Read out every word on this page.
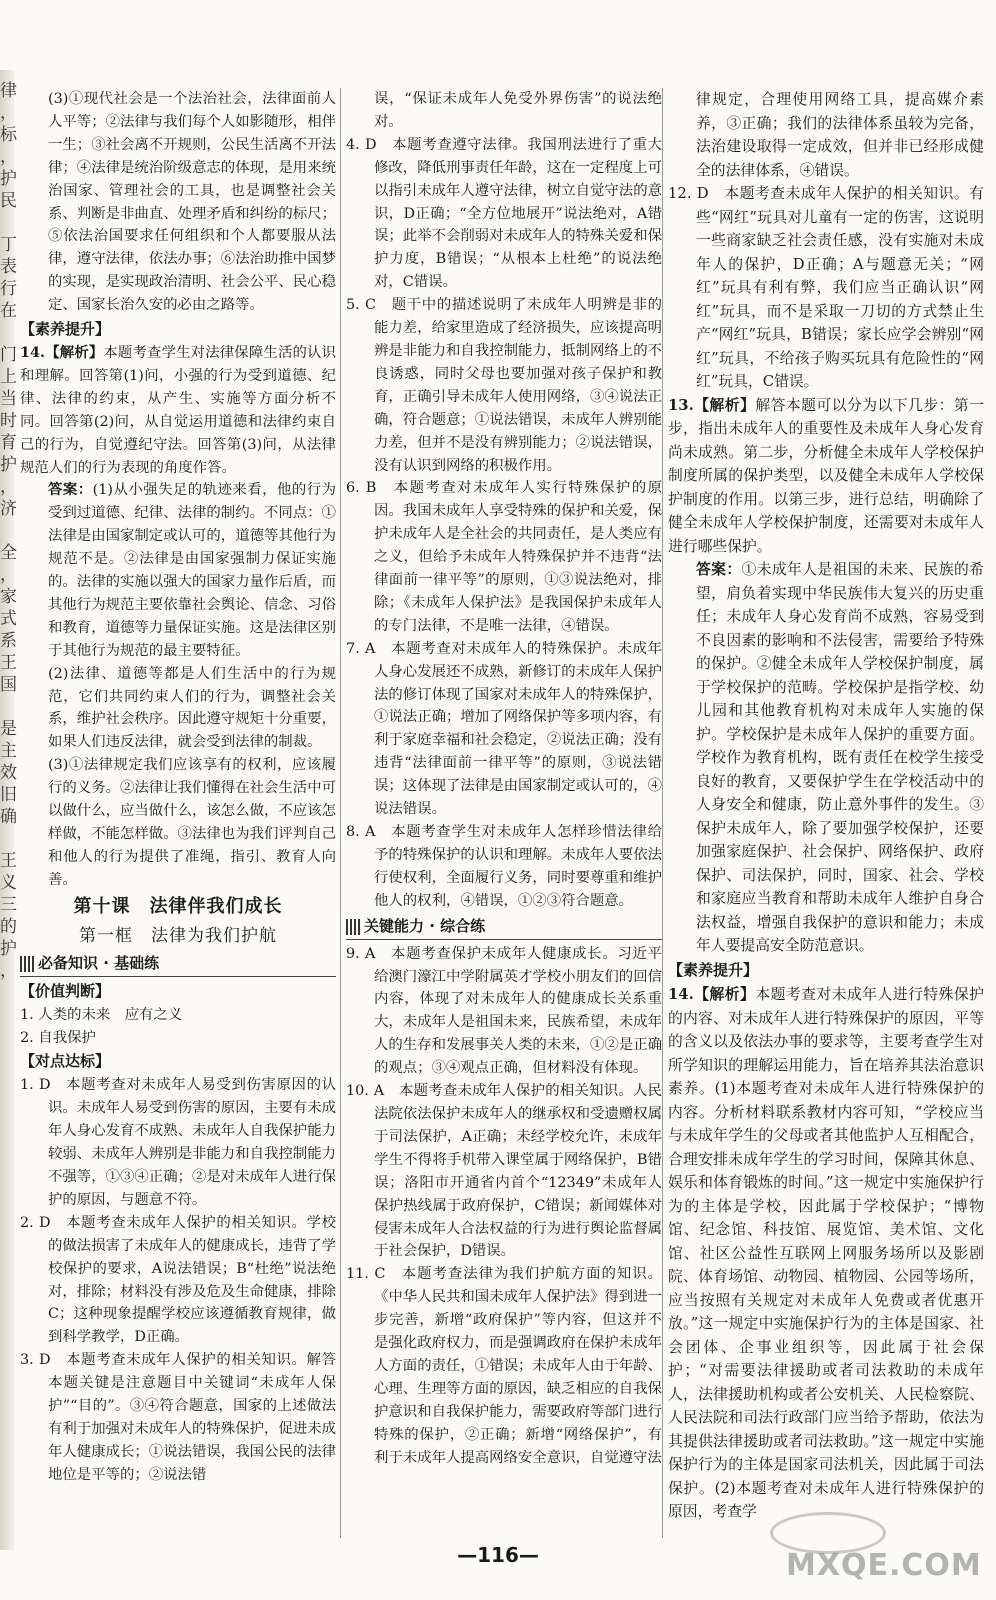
律
，
标
，
护
民

丁
表
行
在

门
上
当
时
育
护
，
济

全
，
家
式
系
王
国

是
主
效
旧
确

王
义
三
的
护
，

(3)①现代社会是一个法治社会，法律面前人人平等；②法律与我们每个人如影随形，相伴一生；③社会离不开规则，公民生活离不开法律；④法律是统治阶级意志的体现，是用来统治国家、管理社会的工具，也是调整社会关系、判断是非曲直、处理矛盾和纠纷的标尺；⑤依法治国要求任何组织和个人都要服从法律，遵守法律，依法办事；⑥法治助推中国梦的实现，是实现政治清明、社会公平、民心稳定、国家长治久安的必由之路等。

【素养提升】

14.【解析】本题考查学生对法律保障生活的认识和理解。回答第(1)问，小强的行为受到道德、纪律、法律的约束，从产生、实施等方面分析不同。回答第(2)问，从自觉运用道德和法律约束自己的行为，自觉遵纪守法。回答第(3)问，从法律规范人们的行为表现的角度作答。

答案：(1)从小强失足的轨迹来看，他的行为受到过道德、纪律、法律的制约。不同点：①法律是由国家制定或认可的，道德等其他行为规范不是。②法律是由国家强制力保证实施的。法律的实施以强大的国家力量作后盾，而其他行为规范主要依靠社会舆论、信念、习俗和教育，道德等力量保证实施。这是法律区别于其他行为规范的最主要特征。

(2)法律、道德等都是人们生活中的行为规范，它们共同约束人们的行为，调整社会关系，维护社会秩序。因此遵守规矩十分重要，如果人们违反法律，就会受到法律的制裁。

(3)①法律规定我们应该享有的权利，应该履行的义务。②法律让我们懂得在社会生活中可以做什么，应当做什么，该怎么做，不应该怎样做，不能怎样做。③法律也为我们评判自己和他人的行为提供了准绳，指引、教育人向善。

第十课　法律伴我们成长
第一框　法律为我们护航
必备知识 · 基础练
【价值判断】

1. 人类的未来　应有之义

2. 自我保护

【对点达标】

1. D　本题考查对未成年人易受到伤害原因的认识。未成年人易受到伤害的原因，主要有未成年人身心发育不成熟、未成年人自我保护能力较弱、未成年人辨别是非能力和自我控制能力不强等，①③④正确；②是对未成年人进行保护的原因，与题意不符。

2. D　本题考查未成年人保护的相关知识。学校的做法损害了未成年人的健康成长，违背了学校保护的要求，A说法错误；B“杜绝”说法绝对，排除；材料没有涉及危及生命健康，排除C；这种现象提醒学校应该遵循教育规律，做到科学教学，D正确。

3. D　本题考查未成年人保护的相关知识。解答本题关键是注意题目中关键词“未成年人保护”“目的”。③④符合题意，国家的上述做法有利于加强对未成年人的特殊保护，促进未成年人健康成长；①说法错误，我国公民的法律地位是平等的；②说法错

误，“保证未成年人免受外界伤害”的说法绝对。

4. D　本题考查遵守法律。我国刑法进行了重大修改，降低刑事责任年龄，这在一定程度上可以指引未成年人遵守法律，树立自觉守法的意识，D正确；“全方位地展开”说法绝对，A错误；此举不会削弱对未成年人的特殊关爱和保护力度，B错误；“从根本上杜绝”的说法绝对，C错误。

5. C　题干中的描述说明了未成年人明辨是非的能力差，给家里造成了经济损失，应该提高明辨是非能力和自我控制能力，抵制网络上的不良诱惑，同时父母也要加强对孩子保护和教育，正确引导未成年人使用网络，③④说法正确，符合题意；①说法错误，未成年人辨别能力差，但并不是没有辨别能力；②说法错误，没有认识到网络的积极作用。

6. B　本题考查对未成年人实行特殊保护的原因。我国未成年人享受特殊的保护和关爱，保护未成年人是全社会的共同责任，是人类应有之义，但给予未成年人特殊保护并不违背“法律面前一律平等”的原则，①③说法绝对，排除；《未成年人保护法》是我国保护未成年人的专门法律，不是唯一法律，④错误。

7. A　本题考查对未成年人的特殊保护。未成年人身心发展还不成熟，新修订的未成年人保护法的修订体现了国家对未成年人的特殊保护，①说法正确；增加了网络保护等多项内容，有利于家庭幸福和社会稳定，②说法正确；没有违背“法律面前一律平等”的原则，③说法错误；这体现了法律是由国家制定或认可的，④说法错误。

8. A　本题考查学生对未成年人怎样珍惜法律给予的特殊保护的认识和理解。未成年人要依法行使权利，全面履行义务，同时要尊重和维护他人的权利，④错误，①②③符合题意。

关键能力 · 综合练

9. A　本题考查保护未成年人健康成长。习近平给澳门濠江中学附属英才学校小朋友们的回信内容，体现了对未成年人的健康成长关系重大，未成年人是祖国未来，民族希望，未成年人的生存和发展事关人类的未来，①②是正确的观点；③④观点正确，但材料没有体现。

10. A　本题考查未成年人保护的相关知识。人民法院依法保护未成年人的继承权和受遗赠权属于司法保护，A正确；未经学校允许，未成年学生不得将手机带入课堂属于网络保护，B错误；洛阳市开通省内首个“12349”未成年人保护热线属于政府保护，C错误；新闻媒体对侵害未成年人合法权益的行为进行舆论监督属于社会保护，D错误。

11. C　本题考查法律为我们护航方面的知识。《中华人民共和国未成年人保护法》得到进一步完善，新增“政府保护”等内容，但这并不是强化政府权力，而是强调政府在保护未成年人方面的责任，①错误；未成年人由于年龄、心理、生理等方面的原因，缺乏相应的自我保护意识和自我保护能力，需要政府等部门进行特殊的保护，②正确；新增“网络保护”，有利于未成年人提高网络安全意识，自觉遵守法

律规定，合理使用网络工具，提高媒介素养，③正确；我们的法律体系虽较为完备，法治建设取得一定成效，但并非已经形成健全的法律体系，④错误。

12. D　本题考查未成年人保护的相关知识。有些“网红”玩具对儿童有一定的伤害，这说明一些商家缺乏社会责任感，没有实施对未成年人的保护，D正确；A与题意无关；“网红”玩具有利有弊，我们应当正确认识“网红”玩具，而不是采取一刀切的方式禁止生产“网红”玩具，B错误；家长应学会辨别“网红”玩具，不给孩子购买玩具有危险性的“网红”玩具，C错误。

13.【解析】解答本题可以分为以下几步：第一步，指出未成年人的重要性及未成年人身心发育尚未成熟。第二步，分析健全未成年人学校保护制度所属的保护类型，以及健全未成年人学校保护制度的作用。以第三步，进行总结，明确除了健全未成年人学校保护制度，还需要对未成年人进行哪些保护。

答案：①未成年人是祖国的未来、民族的希望，肩负着实现中华民族伟大复兴的历史重任；未成年人身心发育尚不成熟，容易受到不良因素的影响和不法侵害，需要给予特殊的保护。②健全未成年人学校保护制度，属于学校保护的范畴。学校保护是指学校、幼儿园和其他教育机构对未成年人实施的保护。学校保护是未成年人保护的重要方面。学校作为教育机构，既有责任在校学生接受良好的教育，又要保护学生在学校活动中的人身安全和健康，防止意外事件的发生。③保护未成年人，除了要加强学校保护，还要加强家庭保护、社会保护、网络保护、政府保护、司法保护，同时，国家、社会、学校和家庭应当教育和帮助未成年人维护自身合法权益，增强自我保护的意识和能力；未成年人要提高安全防范意识。

【素养提升】

14.【解析】本题考查对未成年人进行特殊保护的内容、对未成年人进行特殊保护的原因，平等的含义以及依法办事的要求等，主要考查学生对所学知识的理解运用能力，旨在培养其法治意识素养。(1)本题考查对未成年人进行特殊保护的内容。分析材料联系教材内容可知，“学校应当与未成年学生的父母或者其他监护人互相配合，合理安排未成年学生的学习时间，保障其休息、娱乐和体育锻炼的时间。”这一规定中实施保护行为的主体是学校，因此属于学校保护；“博物馆、纪念馆、科技馆、展览馆、美术馆、文化馆、社区公益性互联网上网服务场所以及影剧院、体育场馆、动物园、植物园、公园等场所，应当按照有关规定对未成年人免费或者优惠开放。”这一规定中实施保护行为的主体是国家、社会团体、企事业组织等，因此属于社会保护；“对需要法律援助或者司法救助的未成年人，法律援助机构或者公安机关、人民检察院、人民法院和司法行政部门应当给予帮助，依法为其提供法律援助或者司法救助。”这一规定中实施保护行为的主体是国家司法机关，因此属于司法保护。(2)本题考查对未成年人进行特殊保护的原因，考查学

—116—	MXQE.COM
